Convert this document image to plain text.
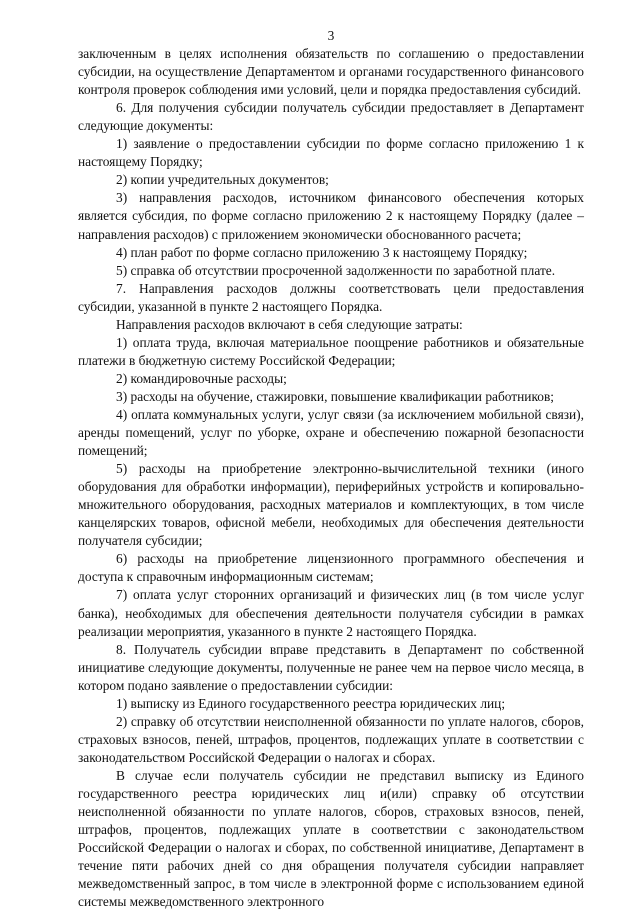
3

заключенным в целях исполнения обязательств по соглашению о предоставлении субсидии, на осуществление Департаментом и органами государственного финансового контроля проверок соблюдения ими условий, цели и порядка предоставления субсидий.

6. Для получения субсидии получатель субсидии предоставляет в Департамент следующие документы:

1) заявление о предоставлении субсидии по форме согласно приложению 1 к настоящему Порядку;

2) копии учредительных документов;

3) направления расходов, источником финансового обеспечения которых является субсидия, по форме согласно приложению 2 к настоящему Порядку (далее – направления расходов) с приложением экономически обоснованного расчета;

4) план работ по форме согласно приложению 3 к настоящему Порядку;

5) справка об отсутствии просроченной задолженности по заработной плате.

7. Направления расходов должны соответствовать цели предоставления субсидии, указанной в пункте 2 настоящего Порядка.

Направления расходов включают в себя следующие затраты:

1) оплата труда, включая материальное поощрение работников и обязательные платежи в бюджетную систему Российской Федерации;

2) командировочные расходы;

3) расходы на обучение, стажировки, повышение квалификации работников;

4) оплата коммунальных услуги, услуг связи (за исключением мобильной связи), аренды помещений, услуг по уборке, охране и обеспечению пожарной безопасности помещений;

5) расходы на приобретение электронно-вычислительной техники (иного оборудования для обработки информации), периферийных устройств и копировально-множительного оборудования, расходных материалов и комплектующих, в том числе канцелярских товаров, офисной мебели, необходимых для обеспечения деятельности получателя субсидии;

6) расходы на приобретение лицензионного программного обеспечения и доступа к справочным информационным системам;

7) оплата услуг сторонних организаций и физических лиц (в том числе услуг банка), необходимых для обеспечения деятельности получателя субсидии в рамках реализации мероприятия, указанного в пункте 2 настоящего Порядка.

8. Получатель субсидии вправе представить в Департамент по собственной инициативе следующие документы, полученные не ранее чем на первое число месяца, в котором подано заявление о предоставлении субсидии:

1) выписку из Единого государственного реестра юридических лиц;

2) справку об отсутствии неисполненной обязанности по уплате налогов, сборов, страховых взносов, пеней, штрафов, процентов, подлежащих уплате в соответствии с законодательством Российской Федерации о налогах и сборах.

В случае если получатель субсидии не представил выписку из Единого государственного реестра юридических лиц и(или) справку об отсутствии неисполненной обязанности по уплате налогов, сборов, страховых взносов, пеней, штрафов, процентов, подлежащих уплате в соответствии с законодательством Российской Федерации о налогах и сборах, по собственной инициативе, Департамент в течение пяти рабочих дней со дня обращения получателя субсидии направляет межведомственный запрос, в том числе в электронной форме с использованием единой системы межведомственного электронного
